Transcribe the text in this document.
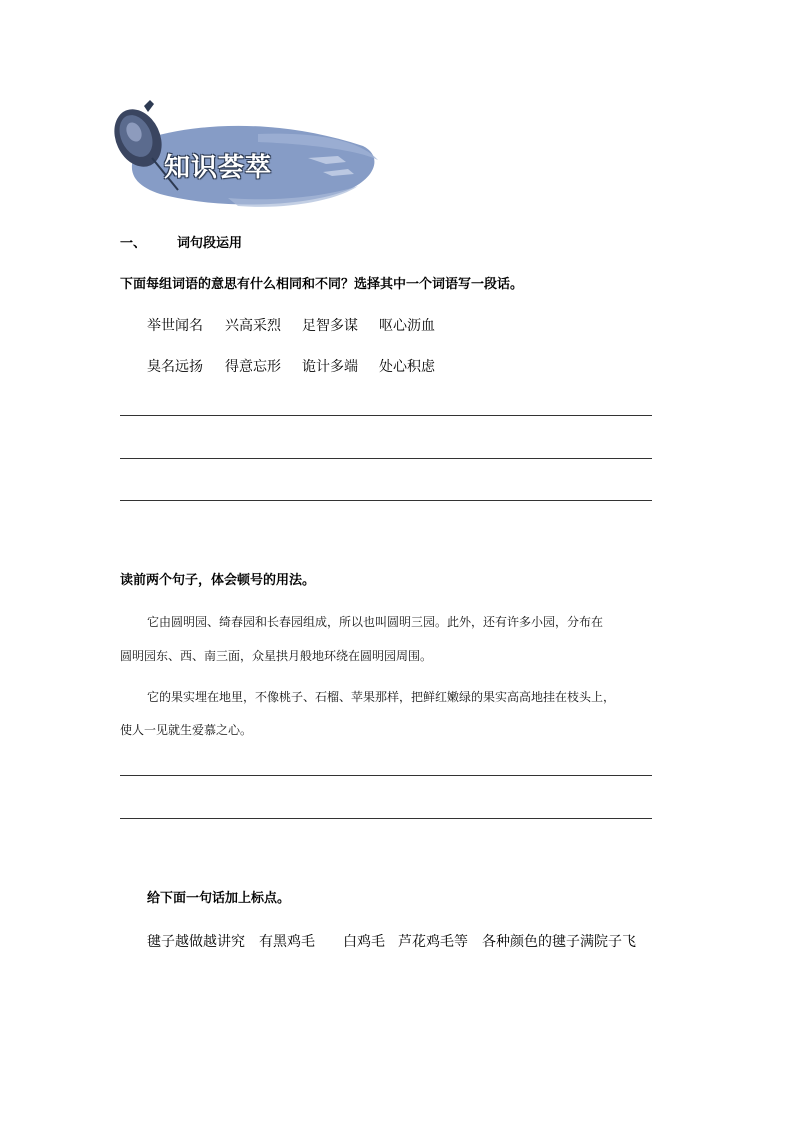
知识荟萃
一、 词句段运用
下面每组词语的意思有什么相同和不同？选择其中一个词语写一段话。
举世闻名 兴高采烈 足智多谋 呕心沥血
臭名远扬 得意忘形 诡计多端 处心积虑
读前两个句子，体会顿号的用法。
它由圆明园、绮春园和长春园组成，所以也叫圆明三园。此外，还有许多小园，分布在
圆明园东、西、南三面，众星拱月般地环绕在圆明园周围。
它的果实埋在地里，不像桃子、石榴、苹果那样，把鲜红嫩绿的果实高高地挂在枝头上，
使人一见就生爱慕之心。
给下面一句话加上标点。
毽子越做越讲究 有黑鸡毛 白鸡毛 芦花鸡毛等 各种颜色的毽子满院子飞
